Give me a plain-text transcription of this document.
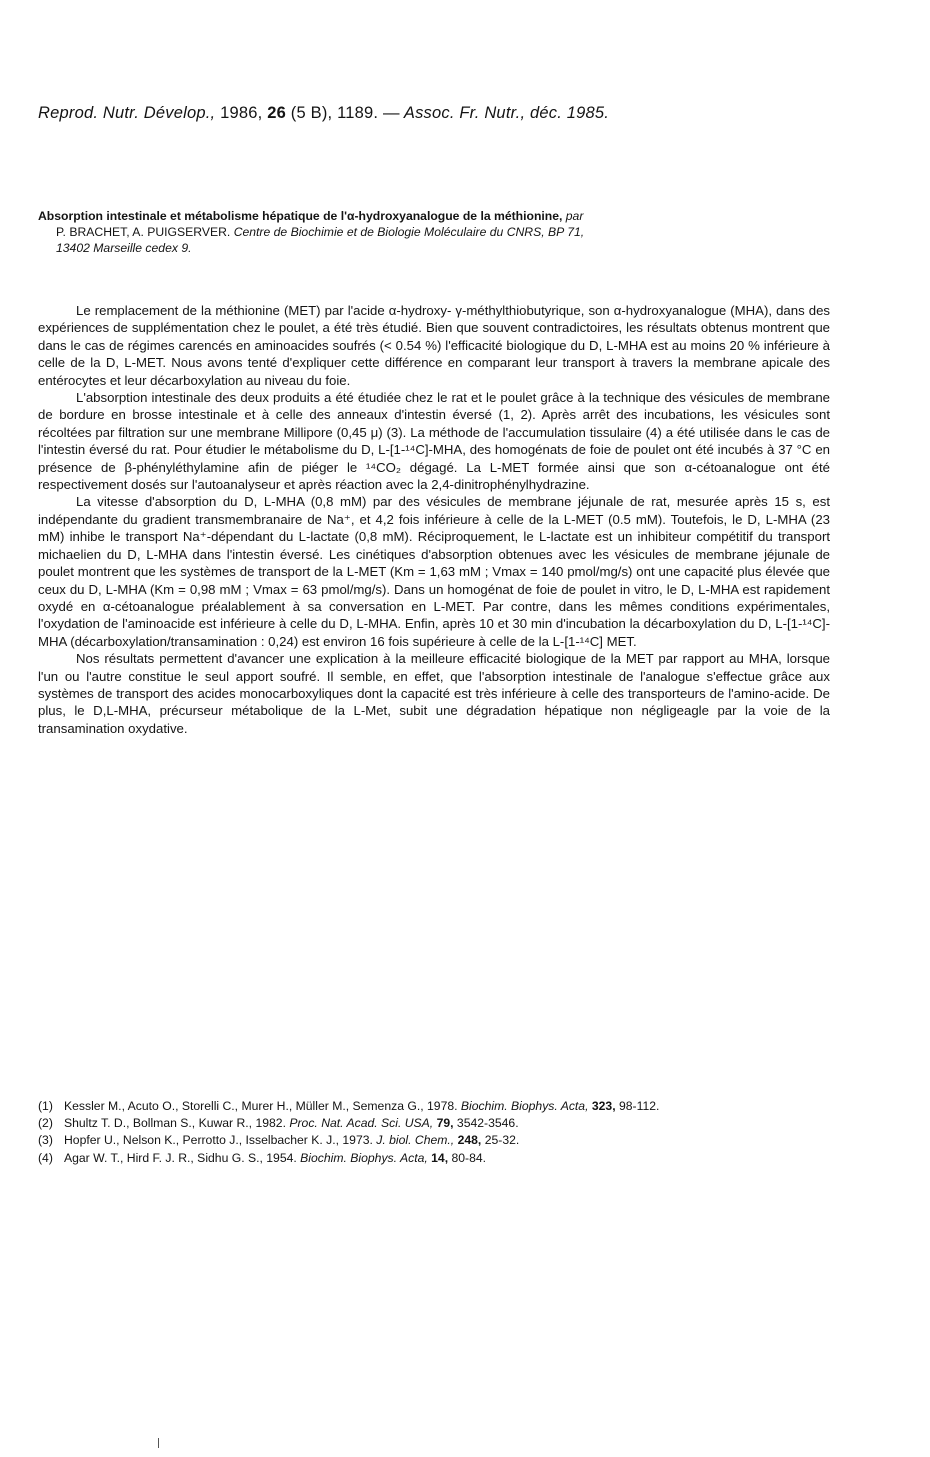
Reprod. Nutr. Dévelop., 1986, 26 (5 B), 1189. — Assoc. Fr. Nutr., déc. 1985.
Absorption intestinale et métabolisme hépatique de l'α-hydroxyanalogue de la méthionine, par
P. BRACHET, A. PUIGSERVER. Centre de Biochimie et de Biologie Moléculaire du CNRS, BP 71,
13402 Marseille cedex 9.

Le remplacement de la méthionine (MET) par l'acide α-hydroxy- γ-méthylthiobutyrique, son α-hydroxyanalogue (MHA), dans des expériences de supplémentation chez le poulet, a été très étudié. Bien que souvent contradictoires, les résultats obtenus montrent que dans le cas de régimes carencés en aminoacides soufrés (< 0.54 %) l'efficacité biologique du D, L-MHA est au moins 20 % inférieure à celle de la D, L-MET. Nous avons tenté d'expliquer cette différence en comparant leur transport à travers la membrane apicale des entérocytes et leur décarboxylation au niveau du foie.

L'absorption intestinale des deux produits a été étudiée chez le rat et le poulet grâce à la technique des vésicules de membrane de bordure en brosse intestinale et à celle des anneaux d'intestin éversé (1, 2). Après arrêt des incubations, les vésicules sont récoltées par filtration sur une membrane Millipore (0,45 μ) (3). La méthode de l'accumulation tissulaire (4) a été utilisée dans le cas de l'intestin éversé du rat. Pour étudier le métabolisme du D, L-[1-¹⁴C]-MHA, des homogénats de foie de poulet ont été incubés à 37 °C en présence de β-phényléthylamine afin de piéger le ¹⁴CO₂ dégagé. La L-MET formée ainsi que son α-cétoanalogue ont été respectivement dosés sur l'autoanalyseur et après réaction avec la 2,4-dinitrophénylhydrazine.

La vitesse d'absorption du D, L-MHA (0,8 mM) par des vésicules de membrane jéjunale de rat, mesurée après 15 s, est indépendante du gradient transmembranaire de Na⁺, et 4,2 fois inférieure à celle de la L-MET (0.5 mM). Toutefois, le D, L-MHA (23 mM) inhibe le transport Na⁺-dépendant du L-lactate (0,8 mM). Réciproquement, le L-lactate est un inhibiteur compétitif du transport michaelien du D, L-MHA dans l'intestin éversé. Les cinétiques d'absorption obtenues avec les vésicules de membrane jéjunale de poulet montrent que les systèmes de transport de la L-MET (Km = 1,63 mM ; Vmax = 140 pmol/mg/s) ont une capacité plus élevée que ceux du D, L-MHA (Km = 0,98 mM ; Vmax = 63 pmol/mg/s). Dans un homogénat de foie de poulet in vitro, le D, L-MHA est rapidement oxydé en α-cétoanalogue préalablement à sa conversation en L-MET. Par contre, dans les mêmes conditions expérimentales, l'oxydation de l'aminoacide est inférieure à celle du D, L-MHA. Enfin, après 10 et 30 min d'incubation la décarboxylation du D, L-[1-¹⁴C]-MHA (décarboxylation/transamination : 0,24) est environ 16 fois supérieure à celle de la L-[1-¹⁴C] MET.

Nos résultats permettent d'avancer une explication à la meilleure efficacité biologique de la MET par rapport au MHA, lorsque l'un ou l'autre constitue le seul apport soufré. Il semble, en effet, que l'absorption intestinale de l'analogue s'effectue grâce aux systèmes de transport des acides monocarboxyliques dont la capacité est très inférieure à celle des transporteurs de l'amino-acide. De plus, le D,L-MHA, précurseur métabolique de la L-Met, subit une dégradation hépatique non négligeagle par la voie de la transamination oxydative.

(1) Kessler M., Acuto O., Storelli C., Murer H., Müller M., Semenza G., 1978. Biochim. Biophys. Acta, 323, 98-112.
(2) Shultz T. D., Bollman S., Kuwar R., 1982. Proc. Nat. Acad. Sci. USA, 79, 3542-3546.
(3) Hopfer U., Nelson K., Perrotto J., Isselbacher K. J., 1973. J. biol. Chem., 248, 25-32.
(4) Agar W. T., Hird F. J. R., Sidhu G. S., 1954. Biochim. Biophys. Acta, 14, 80-84.
